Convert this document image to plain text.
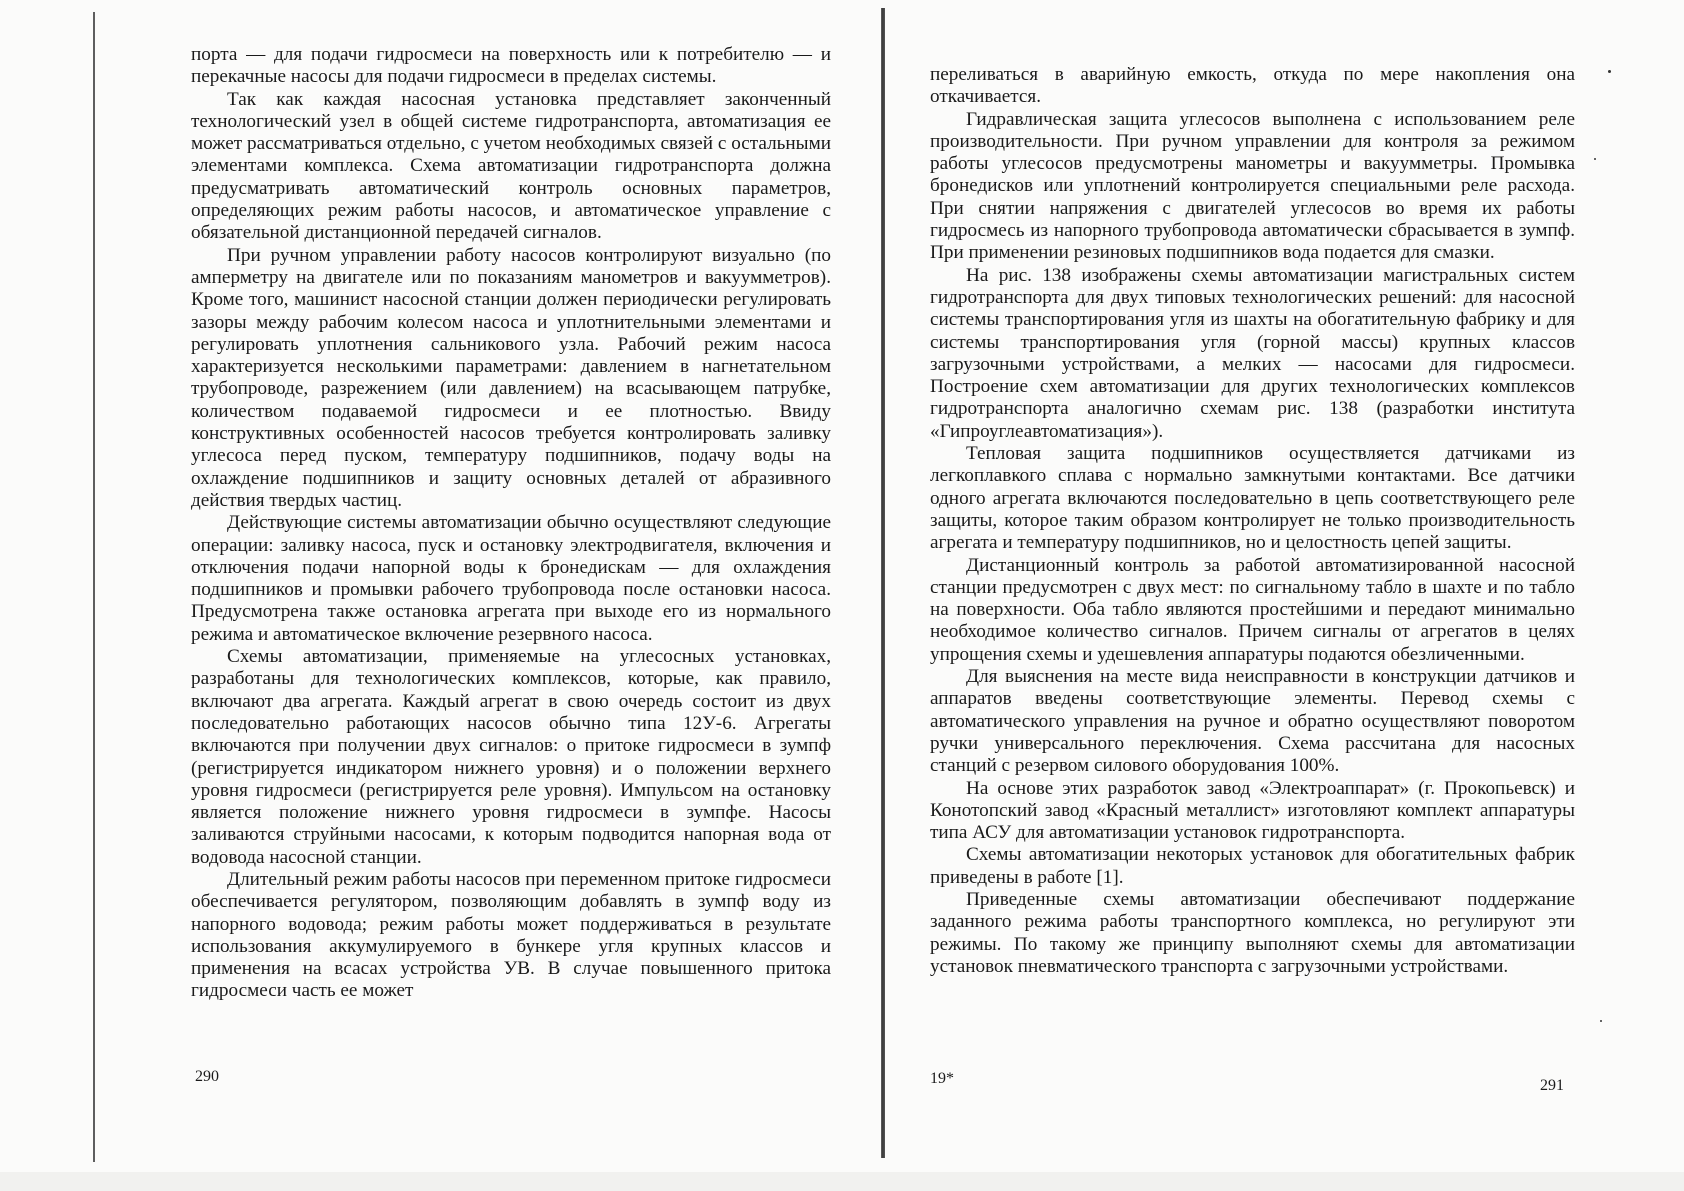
порта — для подачи гидросмеси на поверхность или к потребителю — и перекачные насосы для подачи гидросмеси в пределах системы.

Так как каждая насосная установка представляет законченный технологический узел в общей системе гидротранспорта, автоматизация ее может рассматриваться отдельно, с учетом необходимых связей с остальными элементами комплекса. Схема автоматизации гидротранспорта должна предусматривать автоматический контроль основных параметров, определяющих режим работы насосов, и автоматическое управление с обязательной дистанционной передачей сигналов.

При ручном управлении работу насосов контролируют визуально (по амперметру на двигателе или по показаниям манометров и вакуумметров). Кроме того, машинист насосной станции должен периодически регулировать зазоры между рабочим колесом насоса и уплотнительными элементами и регулировать уплотнения сальникового узла. Рабочий режим насоса характеризуется несколькими параметрами: давлением в нагнетательном трубопроводе, разрежением (или давлением) на всасывающем патрубке, количеством подаваемой гидросмеси и ее плотностью. Ввиду конструктивных особенностей насосов требуется контролировать заливку углесоса перед пуском, температуру подшипников, подачу воды на охлаждение подшипников и защиту основных деталей от абразивного действия твердых частиц.

Действующие системы автоматизации обычно осуществляют следующие операции: заливку насоса, пуск и остановку электродвигателя, включения и отключения подачи напорной воды к бронедискам — для охлаждения подшипников и промывки рабочего трубопровода после остановки насоса. Предусмотрена также остановка агрегата при выходе его из нормального режима и автоматическое включение резервного насоса.

Схемы автоматизации, применяемые на углесосных установках, разработаны для технологических комплексов, которые, как правило, включают два агрегата. Каждый агрегат в свою очередь состоит из двух последовательно работающих насосов обычно типа 12У-6. Агрегаты включаются при получении двух сигналов: о притоке гидросмеси в зумпф (регистрируется индикатором нижнего уровня) и о положении верхнего уровня гидросмеси (регистрируется реле уровня). Импульсом на остановку является положение нижнего уровня гидросмеси в зумпфе. Насосы заливаются струйными насосами, к которым подводится напорная вода от водовода насосной станции.

Длительный режим работы насосов при переменном притоке гидросмеси обеспечивается регулятором, позволяющим добавлять в зумпф воду из напорного водовода; режим работы может поддерживаться в результате использования аккумулируемого в бункере угля крупных классов и применения на всасах устройства УВ. В случае повышенного притока гидросмеси часть ее может

290

переливаться в аварийную емкость, откуда по мере накопления она откачивается.

Гидравлическая защита углесосов выполнена с использованием реле производительности. При ручном управлении для контроля за режимом работы углесосов предусмотрены манометры и вакуумметры. Промывка бронедисков или уплотнений контролируется специальными реле расхода. При снятии напряжения с двигателей углесосов во время их работы гидросмесь из напорного трубопровода автоматически сбрасывается в зумпф. При применении резиновых подшипников вода подается для смазки.

На рис. 138 изображены схемы автоматизации магистральных систем гидротранспорта для двух типовых технологических решений: для насосной системы транспортирования угля из шахты на обогатительную фабрику и для системы транспортирования угля (горной массы) крупных классов загрузочными устройствами, а мелких — насосами для гидросмеси. Построение схем автоматизации для других технологических комплексов гидротранспорта аналогично схемам рис. 138 (разработки института «Гипроуглеавтоматизация»).

Тепловая защита подшипников осуществляется датчиками из легкоплавкого сплава с нормально замкнутыми контактами. Все датчики одного агрегата включаются последовательно в цепь соответствующего реле защиты, которое таким образом контролирует не только производительность агрегата и температуру подшипников, но и целостность цепей защиты.

Дистанционный контроль за работой автоматизированной насосной станции предусмотрен с двух мест: по сигнальному табло в шахте и по табло на поверхности. Оба табло являются простейшими и передают минимально необходимое количество сигналов. Причем сигналы от агрегатов в целях упрощения схемы и удешевления аппаратуры подаются обезличенными.

Для выяснения на месте вида неисправности в конструкции датчиков и аппаратов введены соответствующие элементы. Перевод схемы с автоматического управления на ручное и обратно осуществляют поворотом ручки универсального переключения. Схема рассчитана для насосных станций с резервом силового оборудования 100%.

На основе этих разработок завод «Электроаппарат» (г. Прокопьевск) и Конотопский завод «Красный металлист» изготовляют комплект аппаратуры типа АСУ для автоматизации установок гидротранспорта.

Схемы автоматизации некоторых установок для обогатительных фабрик приведены в работе [1].

Приведенные схемы автоматизации обеспечивают поддержание заданного режима работы транспортного комплекса, но регулируют эти режимы. По такому же принципу выполняют схемы для автоматизации установок пневматического транспорта с загрузочными устройствами.

19*	291
